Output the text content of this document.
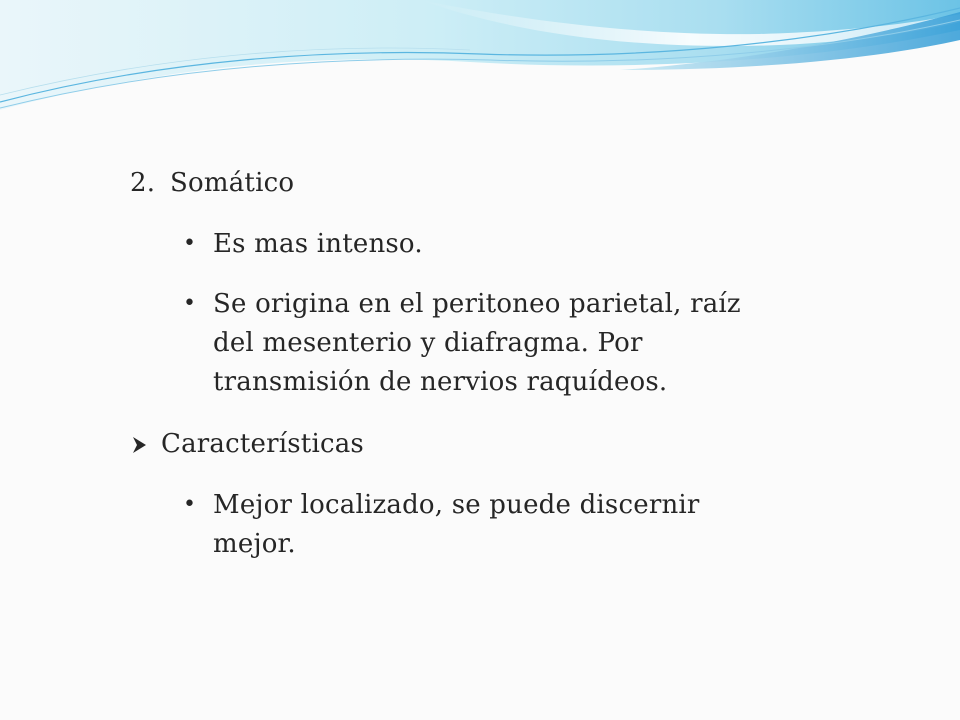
2. Somático
• Es mas intenso.
• Se origina en el peritoneo parietal, raíz
del mesenterio y diafragma. Por
transmisión de nervios raquídeos.
Características
• Mejor localizado, se puede discernir
mejor.
